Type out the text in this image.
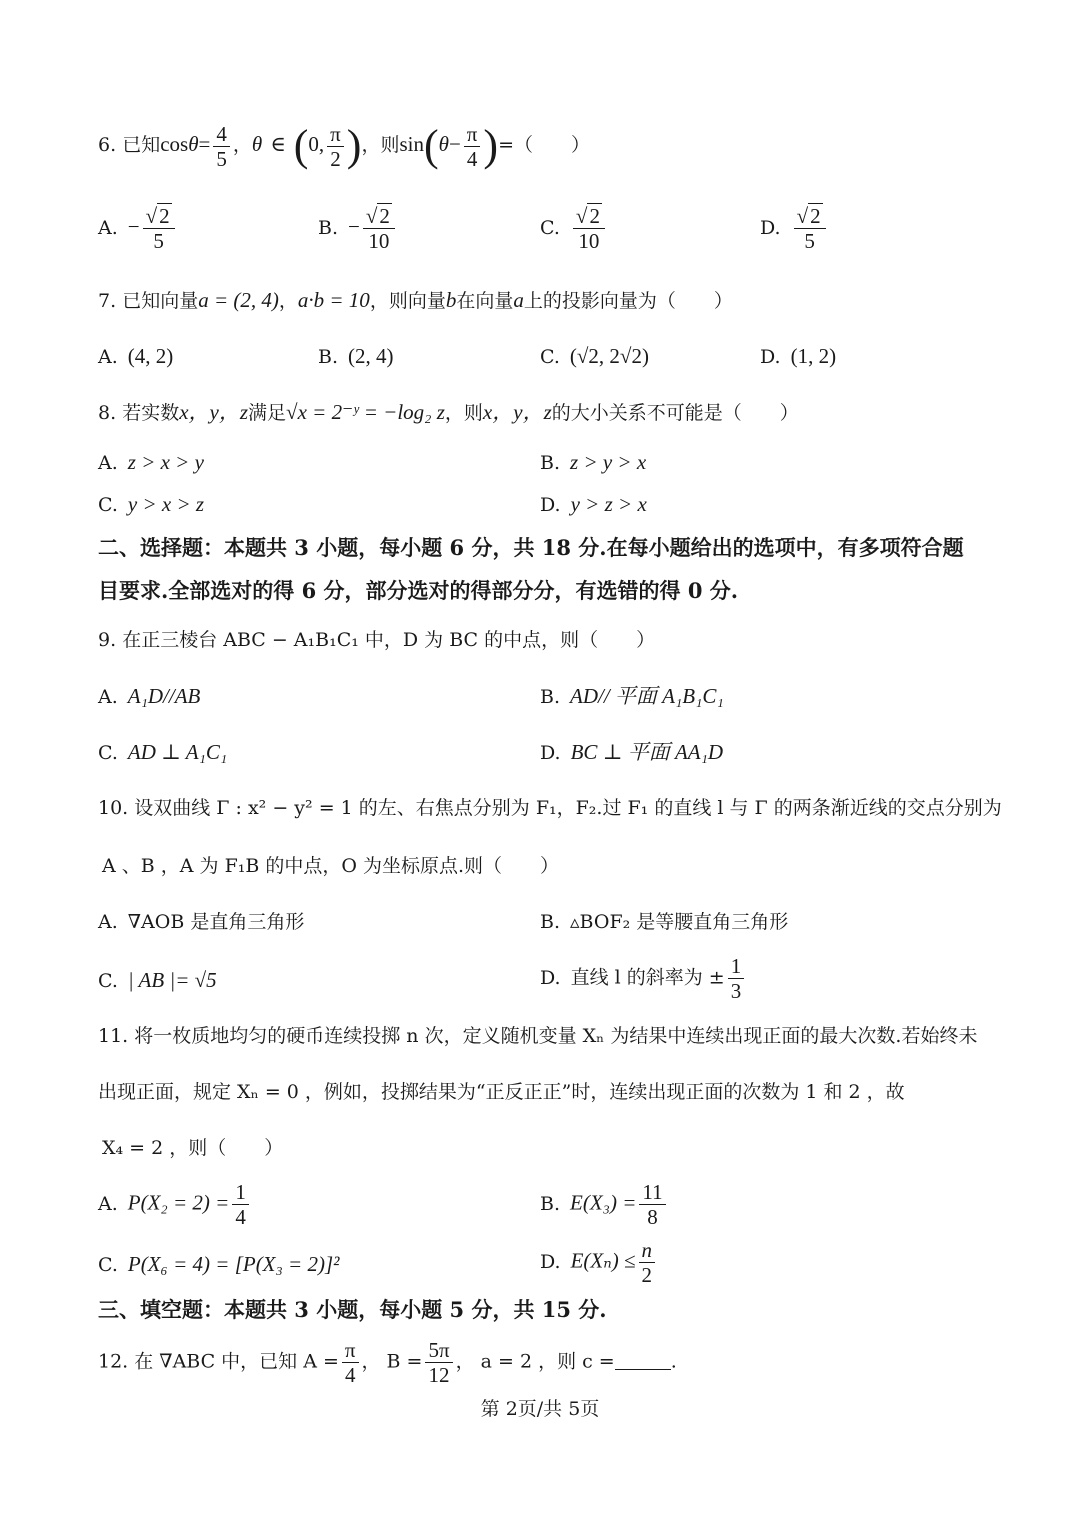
6. 已知$\cos\theta= \frac{4}{5}$ ，θ ∈ (0, $\frac{\pi}{2}$ )，则$\sin(\theta- \frac{\pi}{4}$ )=（　　）
A. − $\frac{√2}{5}$	B. − $\frac{√2}{10}$	C. $\frac{√2}{10}$	D. $\frac{√2}{5}$
7. 已知向量a = (2, 4)，a·b = 10，则向量b在向量a上的投影向量为（　　）
A. (4, 2)	B. (2, 4)	C. (√2, 2√2)	D. (1, 2)
8. 若实数x，y，z满足√x = 2⁻ʸ = −log₂ z，则x，y，z的大小关系不可能是（　　）
A. z > x > y	B. z > y > x
C. y > x > z	D. y > z > x
二、选择题：本题共 3 小题，每小题 6 分，共 18 分.在每小题给出的选项中，有多项符合题
目要求.全部选对的得 6 分，部分选对的得部分分，有选错的得 0 分.
9. 在正三棱台 ABC − A₁B₁C₁ 中，D 为 BC 的中点，则（　　）
A. A₁D//AB	B. AD// 平面 A₁B₁C₁
C. AD ⊥ A₁C₁	D. BC ⊥ 平面 AA₁D
10. 设双曲线 Γ : x² − y² = 1 的左、右焦点分别为 F₁，F₂.过 F₁ 的直线 l 与 Γ 的两条渐近线的交点分别为
A 、B ，A 为 F₁B 的中点，O 为坐标原点.则（　　）
A. ∇AOB 是直角三角形	B. ▵BOF₂ 是等腰直角三角形
C. | AB |= √5	D. 直线 l 的斜率为 ± $\frac{1}{3}$
11. 将一枚质地均匀的硬币连续投掷 n 次，定义随机变量 Xₙ 为结果中连续出现正面的最大次数.若始终未
出现正面，规定 Xₙ = 0 ，例如，投掷结果为“正反正正”时，连续出现正面的次数为 1 和 2 ，故
X₄ = 2 ，则（　　）
A. $P(X_2 = 2) = \frac{1}{4}$	B. $E(X_3) = \frac{11}{8}$
C. P(X₆ = 4) = [P(X₃ = 2)]²	D. $E(X_n) \le \frac{n}{2}$
三、填空题：本题共 3 小题，每小题 5 分，共 15 分.
12. 在 ∇ABC 中，已知 $A = \frac{\pi}{4}$ ， $B = \frac{5\pi}{12}$ ， a = 2 ，则 c =	.
第 2页/共 5页
